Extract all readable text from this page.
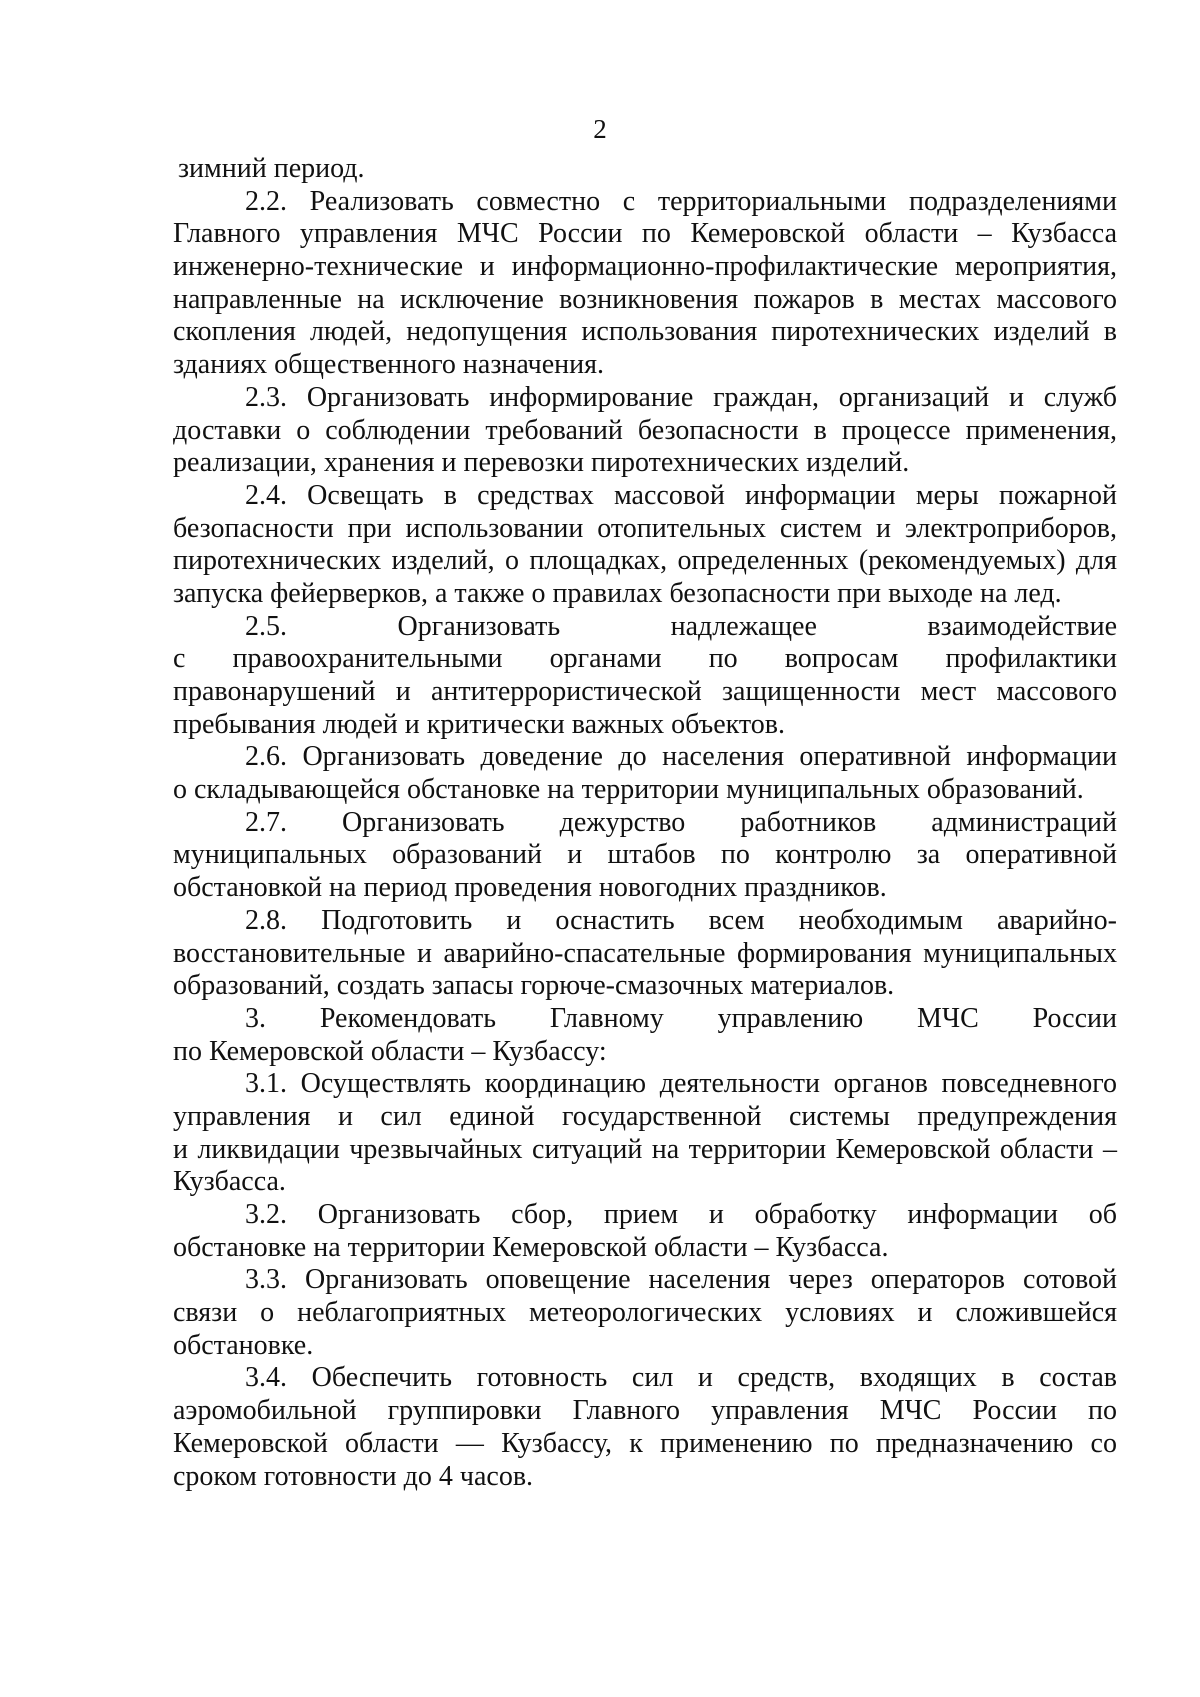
2
зимний период.
2.2. Реализовать совместно с территориальными подразделениями
Главного управления МЧС России по Кемеровской области – Кузбасса
инженерно-технические и информационно-профилактические мероприятия,
направленные на исключение возникновения пожаров в местах массового
скопления людей, недопущения использования пиротехнических изделий в
зданиях общественного назначения.
2.3. Организовать информирование граждан, организаций и служб
доставки о соблюдении требований безопасности в процессе применения,
реализации, хранения и перевозки пиротехнических изделий.
2.4. Освещать в средствах массовой информации меры пожарной
безопасности при использовании отопительных систем и электроприборов,
пиротехнических изделий, о площадках, определенных (рекомендуемых) для
запуска фейерверков, а также о правилах безопасности при выходе на лед.
2.5. Организовать надлежащее взаимодействие
с правоохранительными органами по вопросам профилактики
правонарушений и антитеррористической защищенности мест массового
пребывания людей и критически важных объектов.
2.6. Организовать доведение до населения оперативной информации
о складывающейся обстановке на территории муниципальных образований.
2.7. Организовать дежурство работников администраций
муниципальных образований и штабов по контролю за оперативной
обстановкой на период проведения новогодних праздников.
2.8. Подготовить и оснастить всем необходимым аварийно-
восстановительные и аварийно-спасательные формирования муниципальных
образований, создать запасы горюче-смазочных материалов.
3. Рекомендовать Главному управлению МЧС России
по Кемеровской области – Кузбассу:
3.1. Осуществлять координацию деятельности органов повседневного
управления и сил единой государственной системы предупреждения
и ликвидации чрезвычайных ситуаций на территории Кемеровской области –
Кузбасса.
3.2. Организовать сбор, прием и обработку информации об
обстановке на территории Кемеровской области – Кузбасса.
3.3. Организовать оповещение населения через операторов сотовой
связи о неблагоприятных метеорологических условиях и сложившейся
обстановке.
3.4. Обеспечить готовность сил и средств, входящих в состав
аэромобильной группировки Главного управления МЧС России по
Кемеровской области — Кузбассу, к применению по предназначению со
сроком готовности до 4 часов.
